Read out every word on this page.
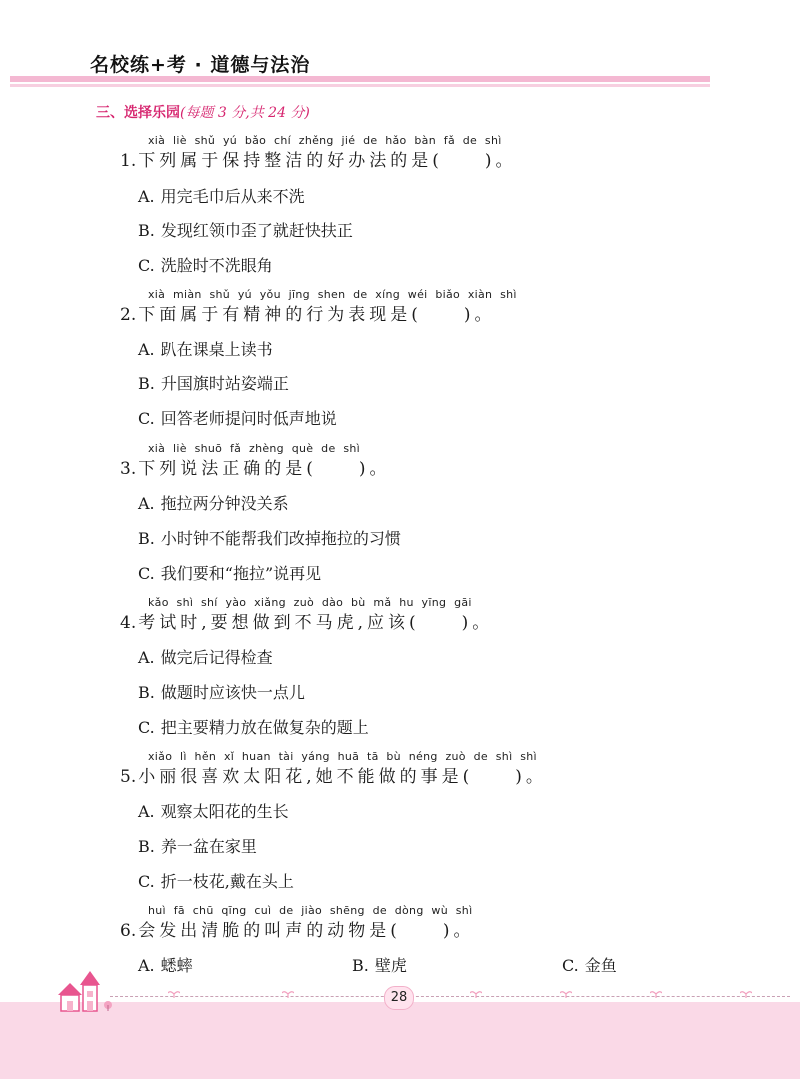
名校练+考 · 道德与法治
三、选择乐园(每题 3 分,共 24 分)
xià liè shǔ yú bǎo chí zhěng jié de hǎo bàn fǎ de shì
1. 下列属于保持整洁的好办法的是(　　)。
A. 用完毛巾后从来不洗
B. 发现红领巾歪了就赶快扶正
C. 洗脸时不洗眼角
xià miàn shǔ yú yǒu jīng shen de xíng wéi biǎo xiàn shì
2. 下面属于有精神的行为表现是(　　)。
A. 趴在课桌上读书
B. 升国旗时站姿端正
C. 回答老师提问时低声地说
xià liè shuō fǎ zhèng què de shì
3. 下列说法正确的是(　　)。
A. 拖拉两分钟没关系
B. 小时钟不能帮我们改掉拖拉的习惯
C. 我们要和“拖拉”说再见
kǎo shì shí yào xiǎng zuò dào bù mǎ hu yīng gāi
4. 考试时,要想做到不马虎,应该(　　)。
A. 做完后记得检查
B. 做题时应该快一点儿
C. 把主要精力放在做复杂的题上
xiǎo lì hěn xǐ huan tài yáng huā tā bù néng zuò de shì shì
5. 小丽很喜欢太阳花,她不能做的事是(　　)。
A. 观察太阳花的生长
B. 养一盆在家里
C. 折一枝花,戴在头上
huì fā chū qīng cuì de jiào shēng de dòng wù shì
6. 会发出清脆的叫声的动物是(　　)。
A. 蟋蟀	B. 壁虎	C. 金鱼
28
